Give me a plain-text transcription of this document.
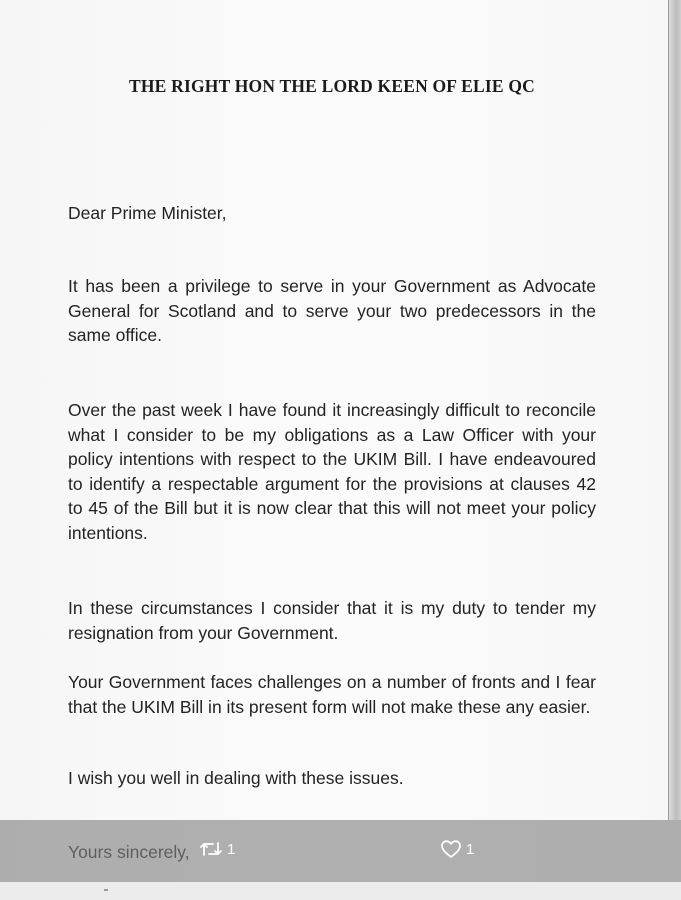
THE RIGHT HON THE LORD KEEN OF ELIE QC
Dear Prime Minister,
It has been a privilege to serve in your Government as Advocate General for Scotland and to serve your two predecessors in the same office.
Over the past week I have found it increasingly difficult to reconcile what I consider to be my obligations as a Law Officer with your policy intentions with respect to the UKIM Bill. I have endeavoured to identify a respectable argument for the provisions at clauses 42 to 45 of the Bill but it is now clear that this will not meet your policy intentions.
In these circumstances I consider that it is my duty to tender my resignation from your Government.
Your Government faces challenges on a number of fronts and I fear that the UKIM Bill in its present form will not make these any easier.
I wish you well in dealing with these issues.
1	1
